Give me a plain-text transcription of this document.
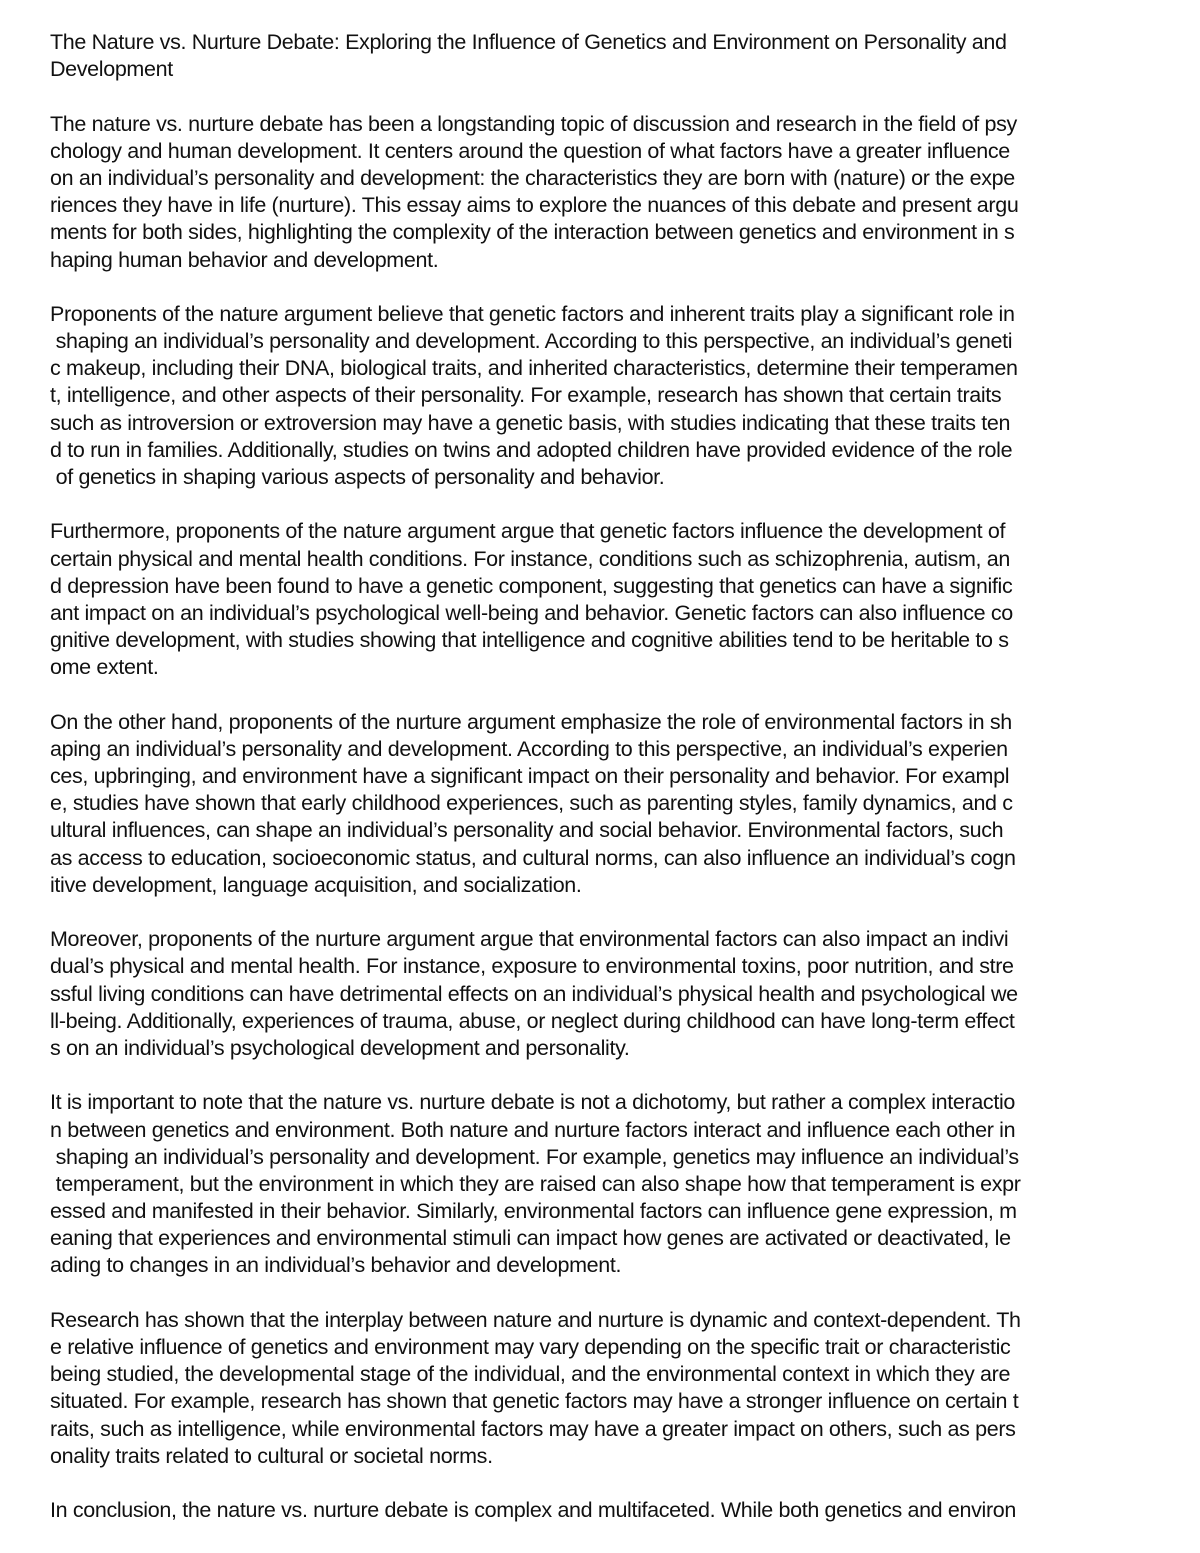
The Nature vs. Nurture Debate: Exploring the Influence of Genetics and Environment on Personality and
Development
The nature vs. nurture debate has been a longstanding topic of discussion and research in the field of psy
chology and human development. It centers around the question of what factors have a greater influence
on an individual’s personality and development: the characteristics they are born with (nature) or the expe
riences they have in life (nurture). This essay aims to explore the nuances of this debate and present argu
ments for both sides, highlighting the complexity of the interaction between genetics and environment in s
haping human behavior and development.
Proponents of the nature argument believe that genetic factors and inherent traits play a significant role in
shaping an individual’s personality and development. According to this perspective, an individual’s geneti
c makeup, including their DNA, biological traits, and inherited characteristics, determine their temperamen
t, intelligence, and other aspects of their personality. For example, research has shown that certain traits
such as introversion or extroversion may have a genetic basis, with studies indicating that these traits ten
d to run in families. Additionally, studies on twins and adopted children have provided evidence of the role
of genetics in shaping various aspects of personality and behavior.
Furthermore, proponents of the nature argument argue that genetic factors influence the development of
certain physical and mental health conditions. For instance, conditions such as schizophrenia, autism, an
d depression have been found to have a genetic component, suggesting that genetics can have a signific
ant impact on an individual’s psychological well-being and behavior. Genetic factors can also influence co
gnitive development, with studies showing that intelligence and cognitive abilities tend to be heritable to s
ome extent.
On the other hand, proponents of the nurture argument emphasize the role of environmental factors in sh
aping an individual’s personality and development. According to this perspective, an individual’s experien
ces, upbringing, and environment have a significant impact on their personality and behavior. For exampl
e, studies have shown that early childhood experiences, such as parenting styles, family dynamics, and c
ultural influences, can shape an individual’s personality and social behavior. Environmental factors, such
as access to education, socioeconomic status, and cultural norms, can also influence an individual’s cogn
itive development, language acquisition, and socialization.
Moreover, proponents of the nurture argument argue that environmental factors can also impact an indivi
dual’s physical and mental health. For instance, exposure to environmental toxins, poor nutrition, and stre
ssful living conditions can have detrimental effects on an individual’s physical health and psychological we
ll-being. Additionally, experiences of trauma, abuse, or neglect during childhood can have long-term effect
s on an individual’s psychological development and personality.
It is important to note that the nature vs. nurture debate is not a dichotomy, but rather a complex interactio
n between genetics and environment. Both nature and nurture factors interact and influence each other in
shaping an individual’s personality and development. For example, genetics may influence an individual’s
temperament, but the environment in which they are raised can also shape how that temperament is expr
essed and manifested in their behavior. Similarly, environmental factors can influence gene expression, m
eaning that experiences and environmental stimuli can impact how genes are activated or deactivated, le
ading to changes in an individual’s behavior and development.
Research has shown that the interplay between nature and nurture is dynamic and context-dependent. Th
e relative influence of genetics and environment may vary depending on the specific trait or characteristic
being studied, the developmental stage of the individual, and the environmental context in which they are
situated. For example, research has shown that genetic factors may have a stronger influence on certain t
raits, such as intelligence, while environmental factors may have a greater impact on others, such as pers
onality traits related to cultural or societal norms.
In conclusion, the nature vs. nurture debate is complex and multifaceted. While both genetics and environ
